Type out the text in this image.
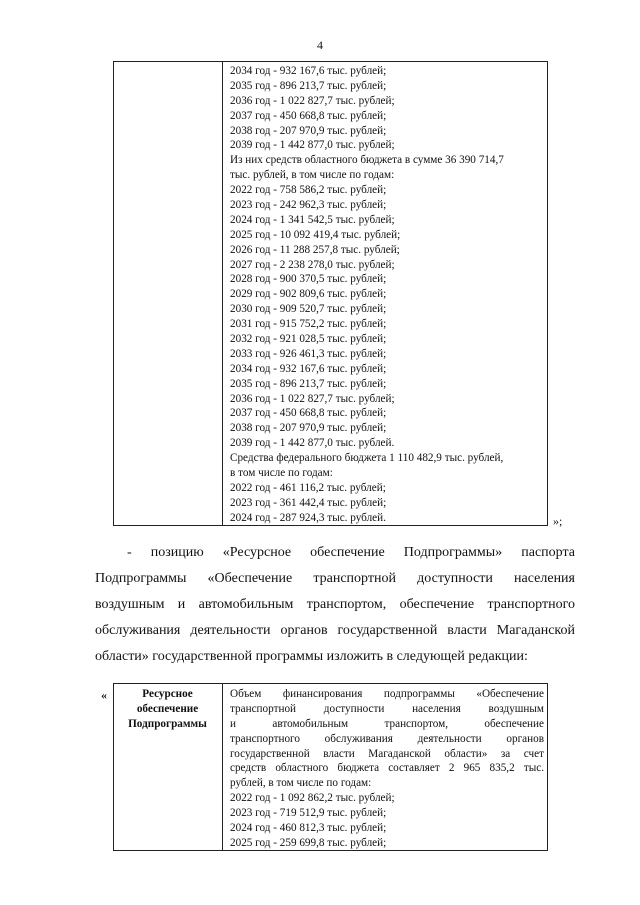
4
2034 год - 932 167,6 тыс. рублей;
2035 год - 896 213,7 тыс. рублей;
2036 год - 1 022 827,7 тыс. рублей;
2037 год - 450 668,8 тыс. рублей;
2038 год - 207 970,9 тыс. рублей;
2039 год - 1 442 877,0 тыс. рублей;
Из них средств областного бюджета в сумме 36 390 714,7
тыс. рублей, в том числе по годам:
2022 год - 758 586,2 тыс. рублей;
2023 год - 242 962,3 тыс. рублей;
2024 год - 1 341 542,5 тыс. рублей;
2025 год - 10 092 419,4 тыс. рублей;
2026 год - 11 288 257,8 тыс. рублей;
2027 год - 2 238 278,0 тыс. рублей;
2028 год - 900 370,5 тыс. рублей;
2029 год - 902 809,6 тыс. рублей;
2030 год - 909 520,7 тыс. рублей;
2031 год - 915 752,2 тыс. рублей;
2032 год - 921 028,5 тыс. рублей;
2033 год - 926 461,3 тыс. рублей;
2034 год - 932 167,6 тыс. рублей;
2035 год - 896 213,7 тыс. рублей;
2036 год - 1 022 827,7 тыс. рублей;
2037 год - 450 668,8 тыс. рублей;
2038 год - 207 970,9 тыс. рублей;
2039 год - 1 442 877,0 тыс. рублей.
Средства федерального бюджета 1 110 482,9 тыс. рублей,
в том числе по годам:
2022 год - 461 116,2 тыс. рублей;
2023 год - 361 442,4 тыс. рублей;
2024 год - 287 924,3 тыс. рублей.	»;
- позицию «Ресурсное обеспечение Подпрограммы» паспорта
Подпрограммы «Обеспечение транспортной доступности населения
воздушным и автомобильным транспортом, обеспечение транспортного
обслуживания деятельности органов государственной власти Магаданской
области» государственной программы изложить в следующей редакции:
«	Ресурсное
обеспечение
Подпрограммы
Объем финансирования подпрограммы «Обеспечение
транспортной доступности населения воздушным
и автомобильным транспортом, обеспечение
транспортного обслуживания деятельности органов
государственной власти Магаданской области» за счет
средств областного бюджета составляет 2 965 835,2 тыс.
рублей, в том числе по годам:
2022 год - 1 092 862,2 тыс. рублей;
2023 год - 719 512,9 тыс. рублей;
2024 год - 460 812,3 тыс. рублей;
2025 год - 259 699,8 тыс. рублей;
